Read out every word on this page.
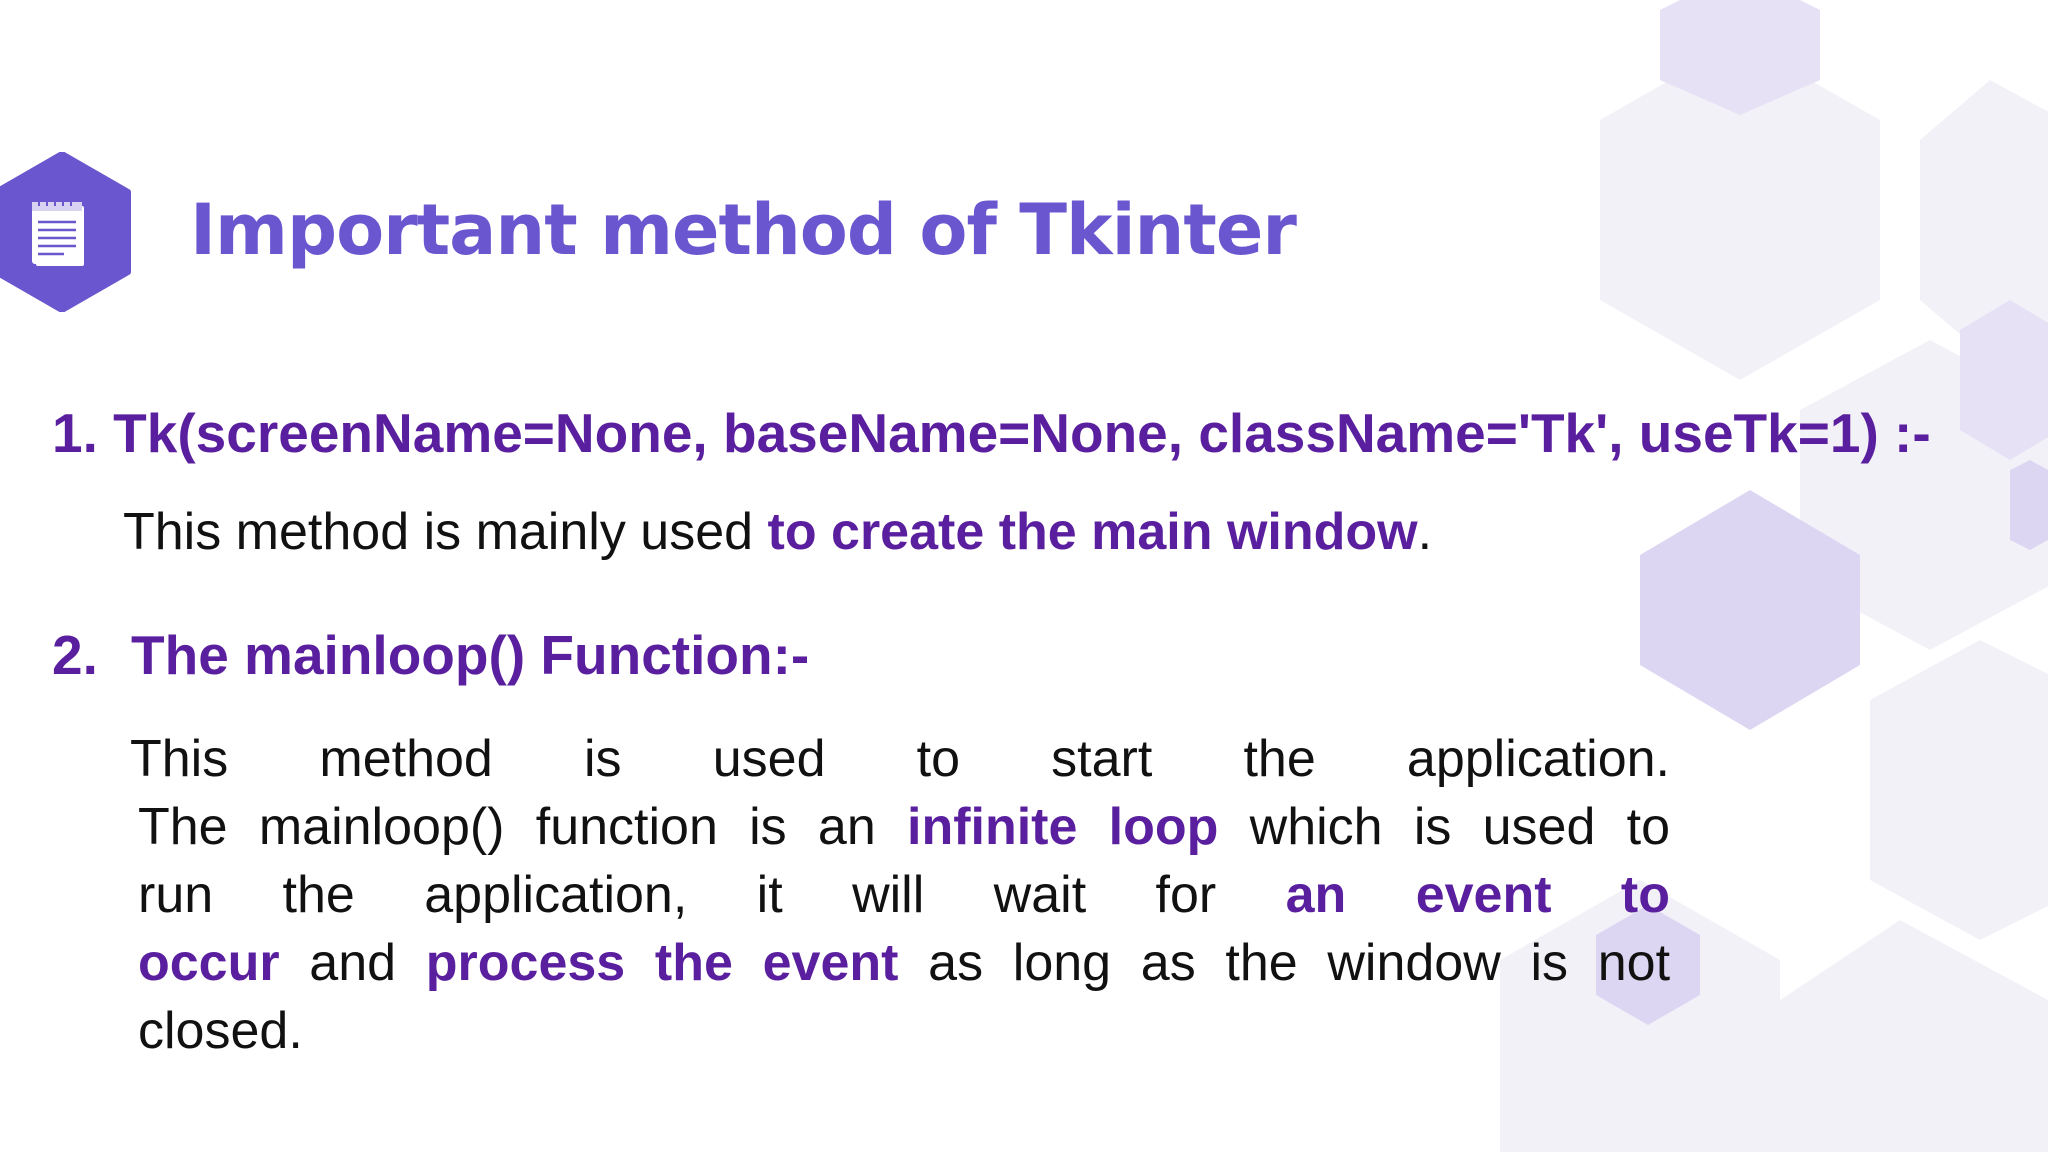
Important method of Tkinter
1. Tk(screenName=None, baseName=None, className='Tk', useTk=1) :-

This method is mainly used to create the main window.

2. The mainloop() Function:-
This method is used to start the application.
The mainloop() function is an infinite loop which is used to
run the application, it will wait for an event to
occur and process the event as long as the window is not
closed.
